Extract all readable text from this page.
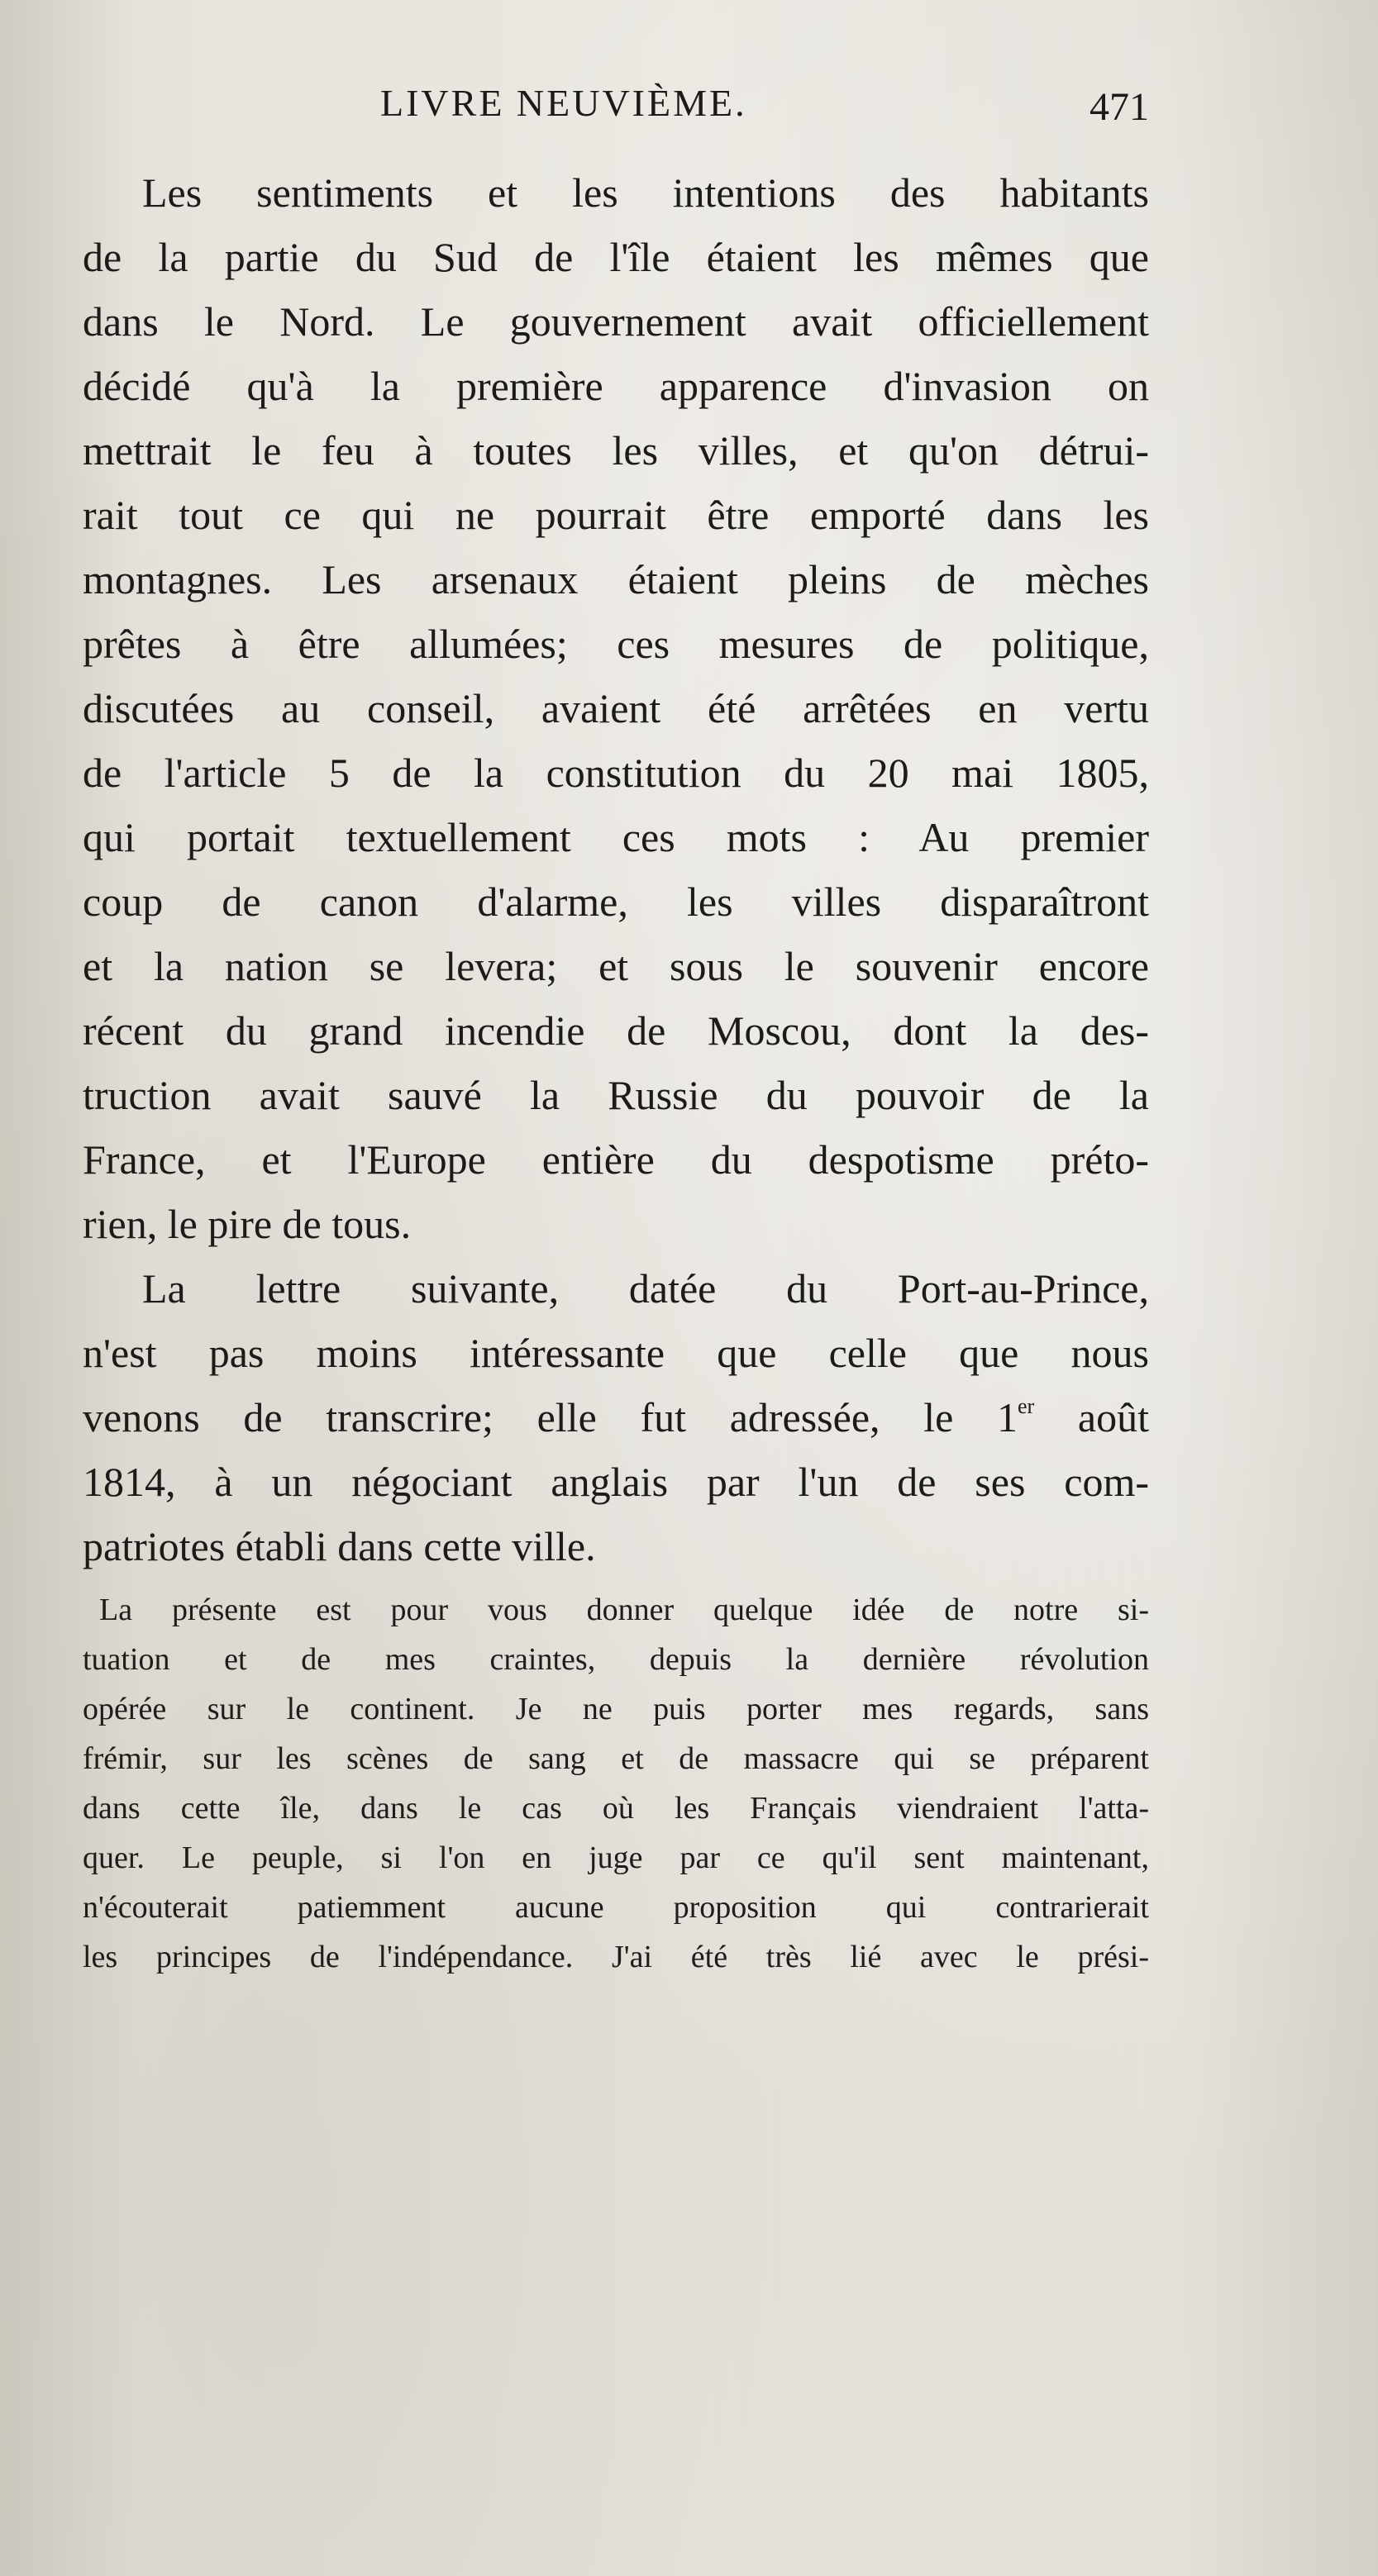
LIVRE NEUVIÈME.	471

Les sentiments et les intentions des habitants
de la partie du Sud de l'île étaient les mêmes que
dans le Nord. Le gouvernement avait officiellement
décidé qu'à la première apparence d'invasion on
mettrait le feu à toutes les villes, et qu'on détrui-
rait tout ce qui ne pourrait être emporté dans les
montagnes. Les arsenaux étaient pleins de mèches
prêtes à être allumées; ces mesures de politique,
discutées au conseil, avaient été arrêtées en vertu
de l'article 5 de la constitution du 20 mai 1805,
qui portait textuellement ces mots : Au premier
coup de canon d'alarme, les villes disparaîtront
et la nation se levera; et sous le souvenir encore
récent du grand incendie de Moscou, dont la des-
truction avait sauvé la Russie du pouvoir de la
France, et l'Europe entière du despotisme préto-
rien, le pire de tous.

La lettre suivante, datée du Port-au-Prince,
n'est pas moins intéressante que celle que nous
venons de transcrire; elle fut adressée, le 1er août
1814, à un négociant anglais par l'un de ses com-
patriotes établi dans cette ville.

La présente est pour vous donner quelque idée de notre si-
tuation et de mes craintes, depuis la dernière révolution
opérée sur le continent. Je ne puis porter mes regards, sans
frémir, sur les scènes de sang et de massacre qui se préparent
dans cette île, dans le cas où les Français viendraient l'atta-
quer. Le peuple, si l'on en juge par ce qu'il sent maintenant,
n'écouterait patiemment aucune proposition qui contrarierait
les principes de l'indépendance. J'ai été très lié avec le prési-
